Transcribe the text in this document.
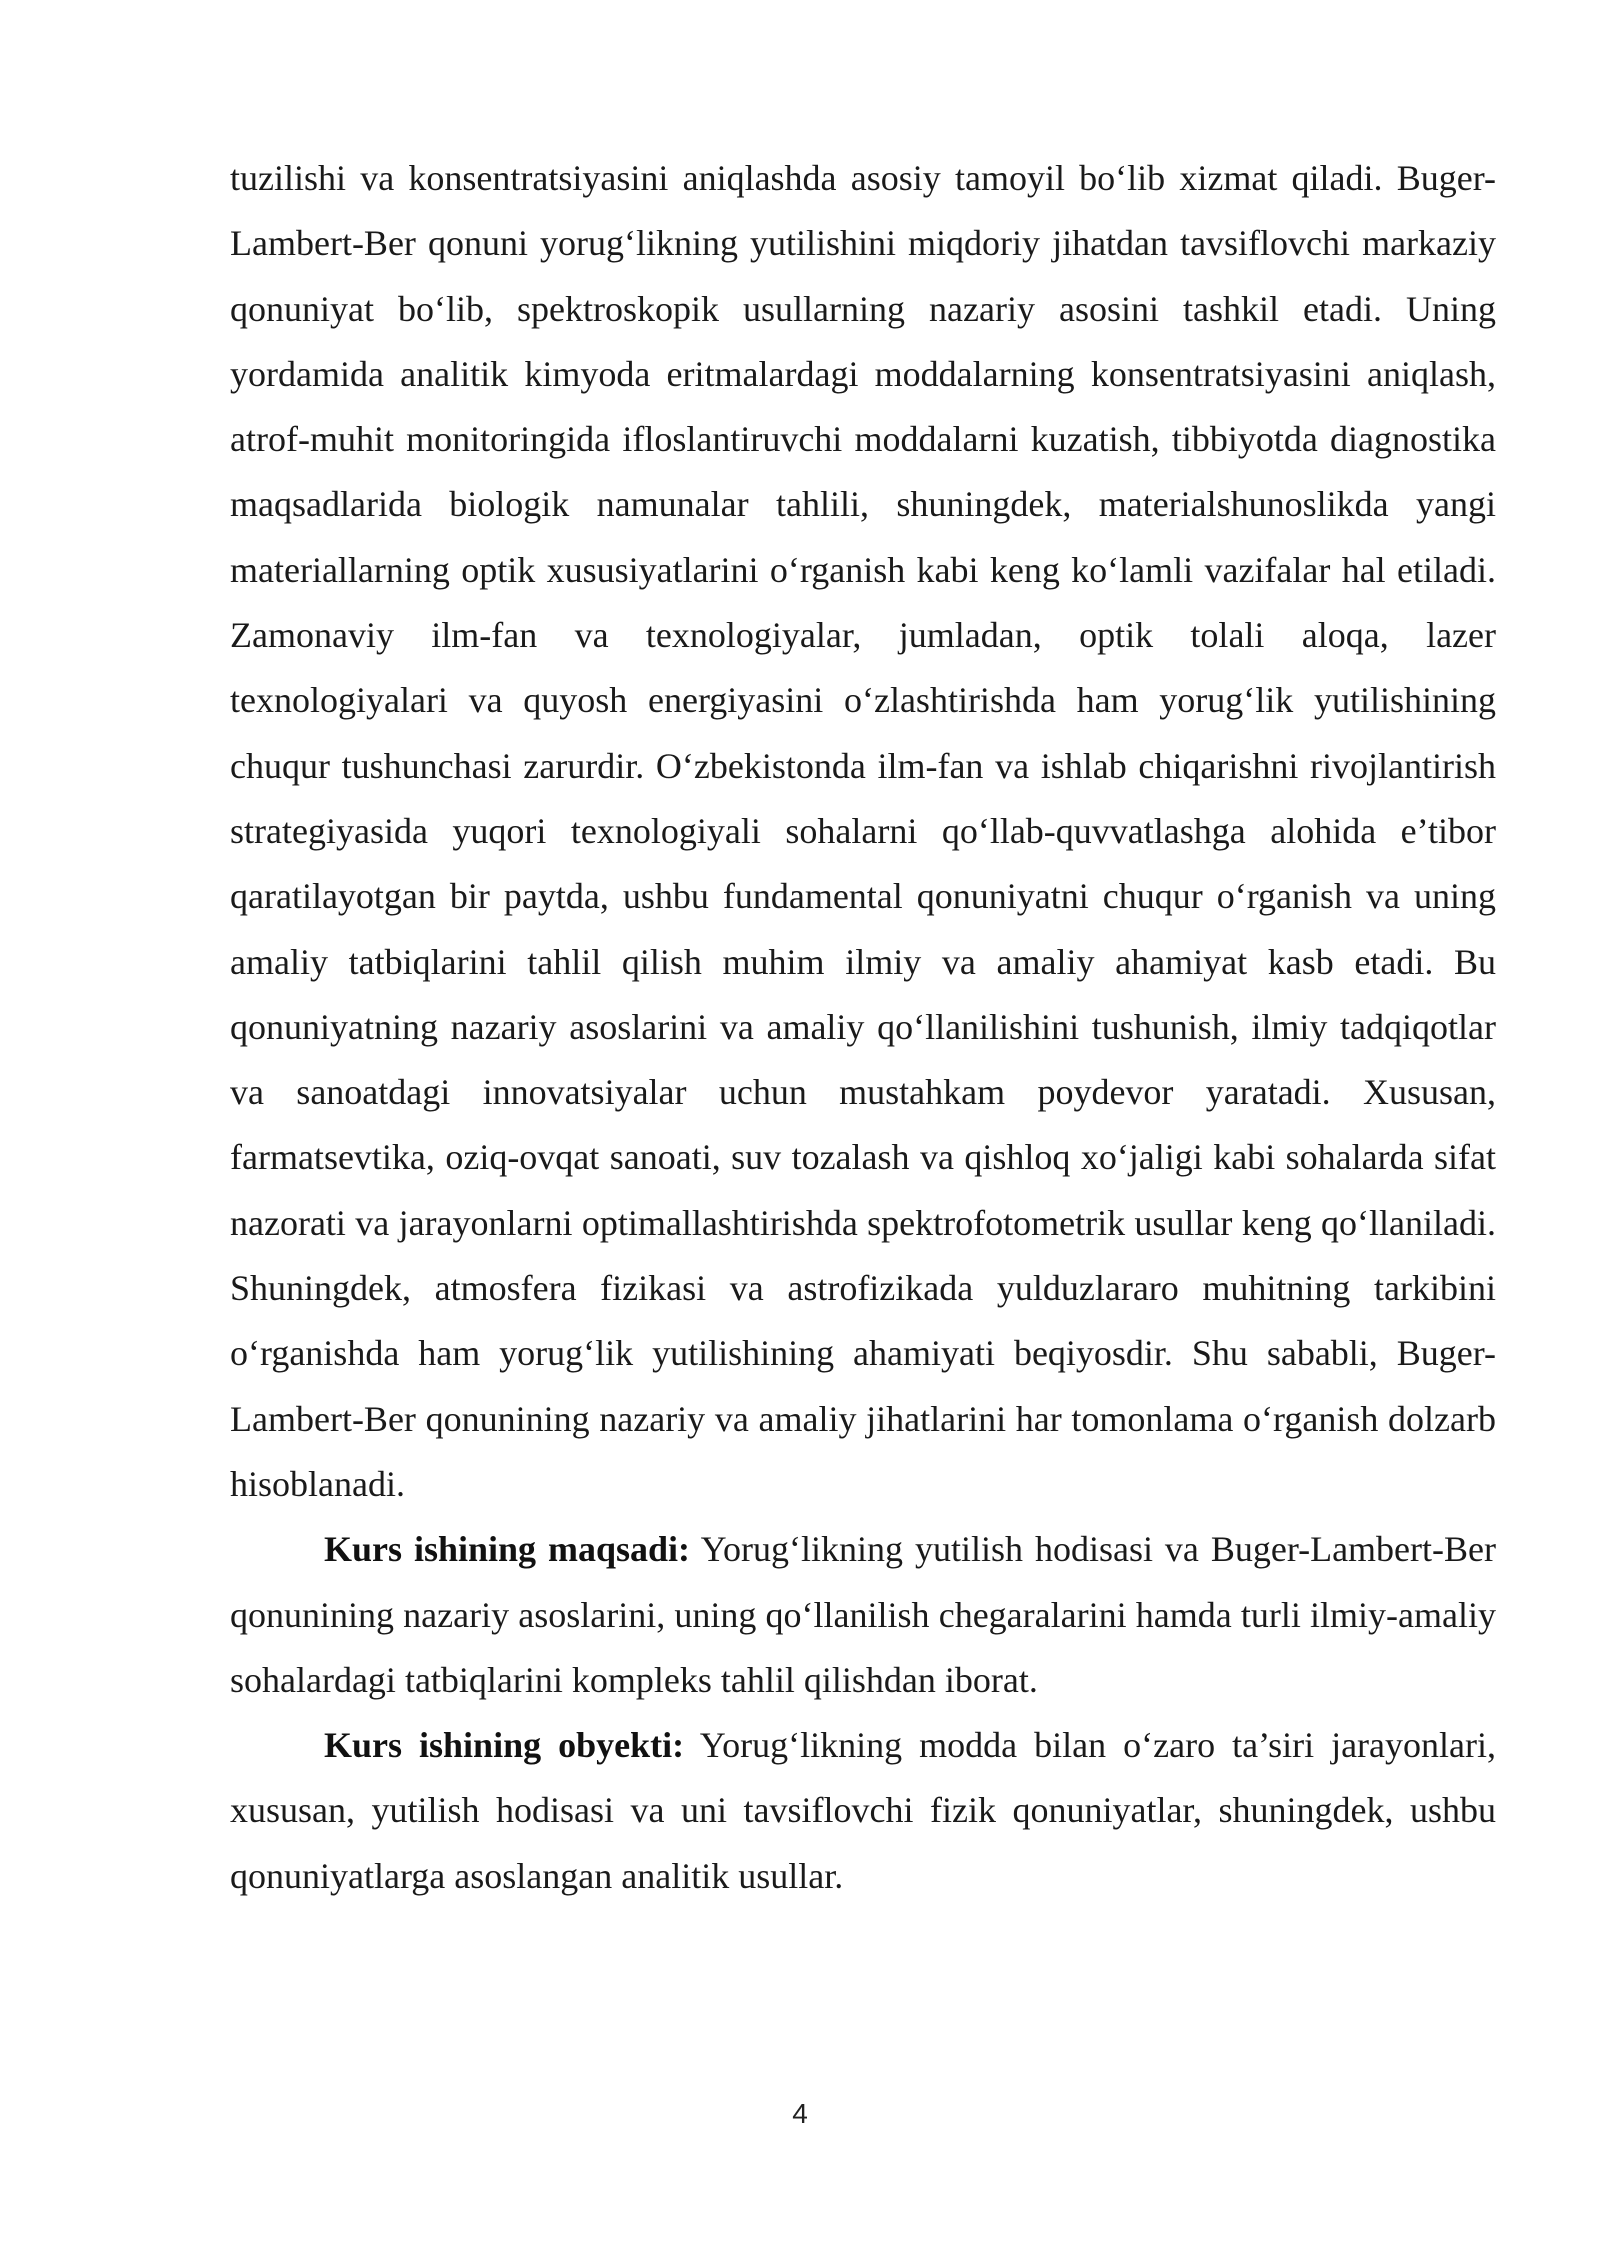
tuzilishi va konsentratsiyasini aniqlashda asosiy tamoyil bo‘lib xizmat qiladi. Buger-Lambert-Ber qonuni yorug‘likning yutilishini miqdoriy jihatdan tavsiflovchi markaziy qonuniyat bo‘lib, spektroskopik usullarning nazariy asosini tashkil etadi. Uning yordamida analitik kimyoda eritmalardagi moddalarning konsentratsiyasini aniqlash, atrof-muhit monitoringida ifloslantiruvchi moddalarni kuzatish, tibbiyotda diagnostika maqsadlarida biologik namunalar tahlili, shuningdek, materialshunoslikda yangi materiallarning optik xususiyatlarini o‘rganish kabi keng ko‘lamli vazifalar hal etiladi. Zamonaviy ilm-fan va texnologiyalar, jumladan, optik tolali aloqa, lazer texnologiyalari va quyosh energiyasini o‘zlashtirishda ham yorug‘lik yutilishining chuqur tushunchasi zarurdir. O‘zbekistonda ilm-fan va ishlab chiqarishni rivojlantirish strategiyasida yuqori texnologiyali sohalarni qo‘llab-quvvatlashga alohida e’tibor qaratilayotgan bir paytda, ushbu fundamental qonuniyatni chuqur o‘rganish va uning amaliy tatbiqlarini tahlil qilish muhim ilmiy va amaliy ahamiyat kasb etadi. Bu qonuniyatning nazariy asoslarini va amaliy qo‘llanilishini tushunish, ilmiy tadqiqotlar va sanoatdagi innovatsiyalar uchun mustahkam poydevor yaratadi. Xususan, farmatsevtika, oziq-ovqat sanoati, suv tozalash va qishloq xo‘jaligi kabi sohalarda sifat nazorati va jarayonlarni optimallashtirishda spektrofotometrik usullar keng qo‘llaniladi. Shuningdek, atmosfera fizikasi va astrofizikada yulduzlararo muhitning tarkibini o‘rganishda ham yorug‘lik yutilishining ahamiyati beqiyosdir. Shu sababli, Buger-Lambert-Ber qonunining nazariy va amaliy jihatlarini har tomonlama o‘rganish dolzarb hisoblanadi.

Kurs ishining maqsadi: Yorug‘likning yutilish hodisasi va Buger-Lambert-Ber qonunining nazariy asoslarini, uning qo‘llanilish chegaralarini hamda turli ilmiy-amaliy sohalardagi tatbiqlarini kompleks tahlil qilishdan iborat.

Kurs ishining obyekti: Yorug‘likning modda bilan o‘zaro ta’siri jarayonlari, xususan, yutilish hodisasi va uni tavsiflovchi fizik qonuniyatlar, shuningdek, ushbu qonuniyatlarga asoslangan analitik usullar.

4
